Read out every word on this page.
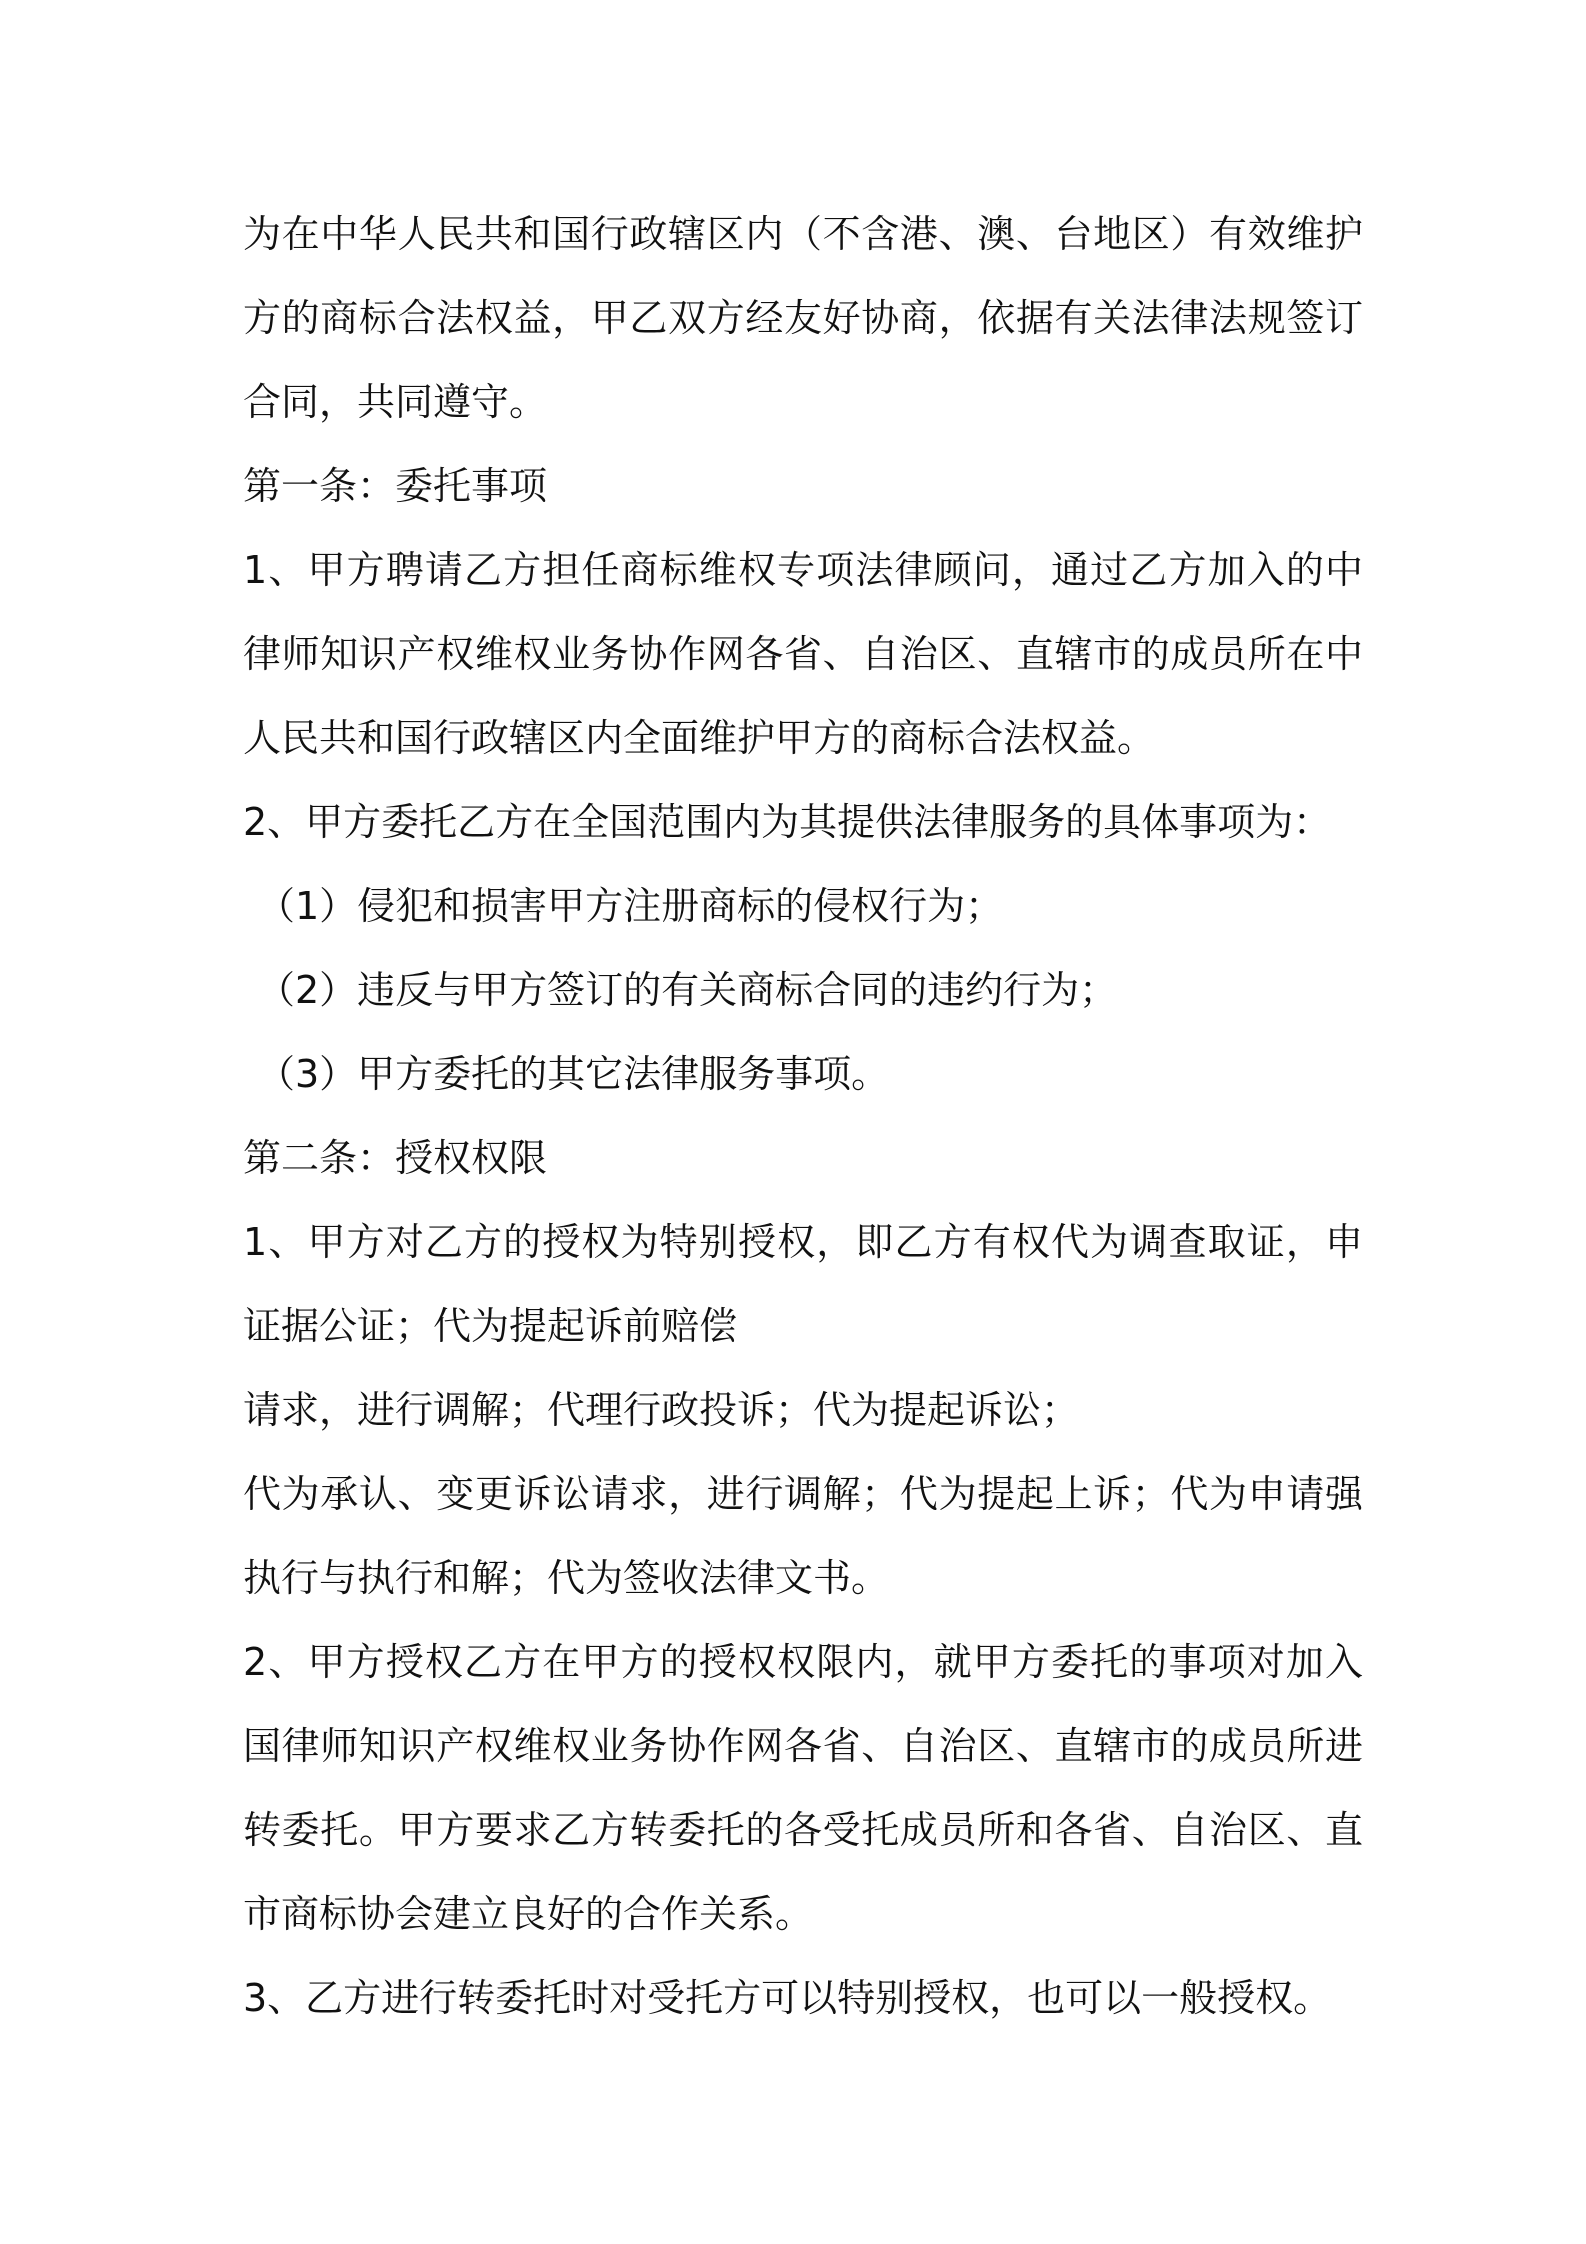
为在中华人民共和国行政辖区内（不含港、澳、台地区）有效维护
方的商标合法权益，甲乙双方经友好协商，依据有关法律法规签订
合同，共同遵守。
第一条：委托事项
1、甲方聘请乙方担任商标维权专项法律顾问，通过乙方加入的中
律师知识产权维权业务协作网各省、自治区、直辖市的成员所在中
人民共和国行政辖区内全面维护甲方的商标合法权益。
2、甲方委托乙方在全国范围内为其提供法律服务的具体事项为：
（1）侵犯和损害甲方注册商标的侵权行为；
（2）违反与甲方签订的有关商标合同的违约行为；
（3）甲方委托的其它法律服务事项。
第二条：授权权限
1、甲方对乙方的授权为特别授权，即乙方有权代为调查取证，申
证据公证；代为提起诉前赔偿
请求，进行调解；代理行政投诉；代为提起诉讼；
代为承认、变更诉讼请求，进行调解；代为提起上诉；代为申请强
执行与执行和解；代为签收法律文书。
2、甲方授权乙方在甲方的授权权限内，就甲方委托的事项对加入
国律师知识产权维权业务协作网各省、自治区、直辖市的成员所进
转委托。甲方要求乙方转委托的各受托成员所和各省、自治区、直
市商标协会建立良好的合作关系。
3、乙方进行转委托时对受托方可以特别授权，也可以一般授权。
